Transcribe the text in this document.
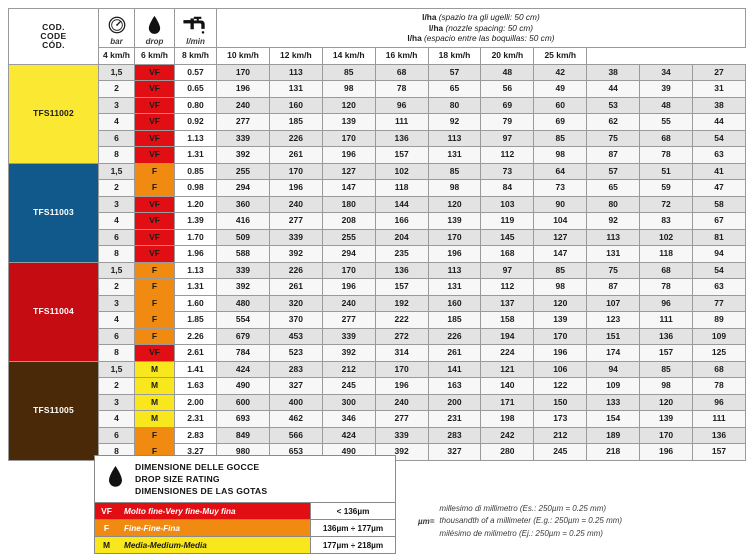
COD.
CODE
CÓD.	bar	drop	l/min

l/ha (spazio tra gli ugelli: 50 cm)
l/ha (nozzle spacing: 50 cm)
l/ha (espacio entre las boquillas: 50 cm)

	4 km/h	6 km/h	8 km/h	10 km/h	12 km/h	14 km/h	16 km/h	18 km/h	20 km/h	25 km/h			
TFS11002	1,5	VF	0.57	170	113	85	68	57	48	42	38	34	27
	2	VF	0.65	196	131	98	78	65	56	49	44	39	31
	3	VF	0.80	240	160	120	96	80	69	60	53	48	38
	4	VF	0.92	277	185	139	111	92	79	69	62	55	44
	6	VF	1.13	339	226	170	136	113	97	85	75	68	54
	8	VF	1.31	392	261	196	157	131	112	98	87	78	63
TFS11003	1,5	F	0.85	255	170	127	102	85	73	64	57	51	41
	2	F	0.98	294	196	147	118	98	84	73	65	59	47
	3	VF	1.20	360	240	180	144	120	103	90	80	72	58
	4	VF	1.39	416	277	208	166	139	119	104	92	83	67
	6	VF	1.70	509	339	255	204	170	145	127	113	102	81
	8	VF	1.96	588	392	294	235	196	168	147	131	118	94
TFS11004	1,5	F	1.13	339	226	170	136	113	97	85	75	68	54
	2	F	1.31	392	261	196	157	131	112	98	87	78	63
	3	F	1.60	480	320	240	192	160	137	120	107	96	77
	4	F	1.85	554	370	277	222	185	158	139	123	111	89
	6	F	2.26	679	453	339	272	226	194	170	151	136	109
	8	VF	2.61	784	523	392	314	261	224	196	174	157	125
TFS11005	1,5	M	1.41	424	283	212	170	141	121	106	94	85	68
	2	M	1.63	490	327	245	196	163	140	122	109	98	78
	3	M	2.00	600	400	300	240	200	171	150	133	120	96
	4	M	2.31	693	462	346	277	231	198	173	154	139	111
	6	F	2.83	849	566	424	339	283	242	212	189	170	136
	8	F	3.27	980	653	490	392	327	280	245	218	196	157
DIMENSIONE DELLE GOCCE
DROP SIZE RATING
DIMENSIONES DE LAS GOTAS
VF	Molto fine-Very fine-Muy fina	< 136µm
F	Fine-Fine-Fina	136µm ÷ 177µm
M	Media-Medium-Media	177µm ÷ 218µm
µm=
millesimo di millimetro (Es.: 250µm = 0.25 mm)
thousandth of a millimeter (E.g.: 250µm = 0.25 mm)
milésimo de milimetro (Ej.: 250µm = 0.25 mm)
